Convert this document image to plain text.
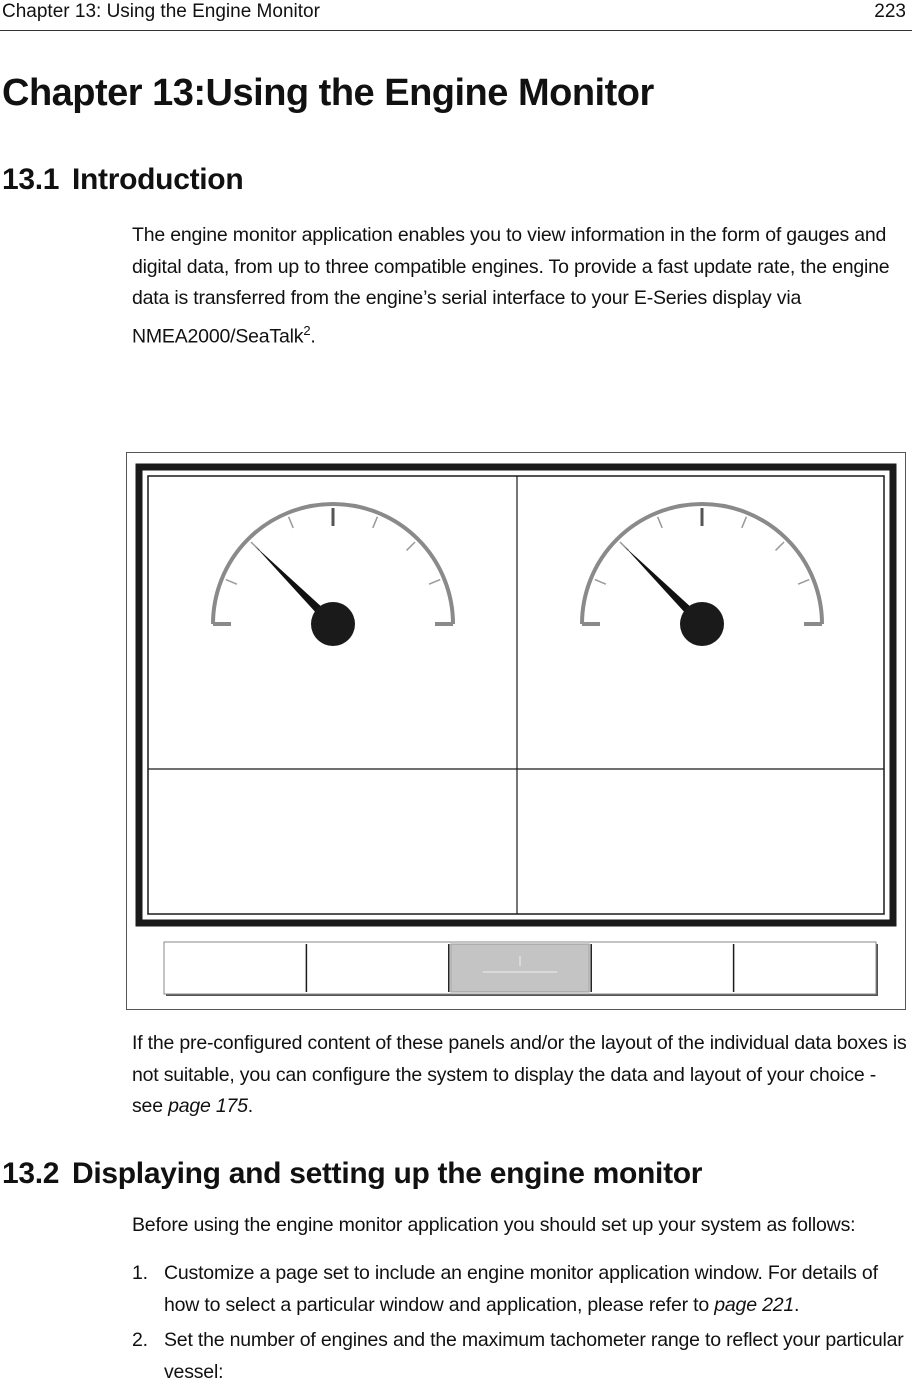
Chapter 13: Using the Engine Monitor	223
Chapter 13:Using the Engine Monitor
13.1 Introduction

The engine monitor application enables you to view information in the form of gauges and digital data, from up to three compatible engines. To provide a fast update rate, the engine data is transferred from the engine’s serial interface to your E-Series display via NMEA2000/SeaTalk$^2$.

If the pre-configured content of these panels and/or the layout of the individual data boxes is not suitable, you can configure the system to display the data and layout of your choice - see page 175.

13.2 Displaying and setting up the engine monitor

Before using the engine monitor application you should set up your system as follows:

1. Customize a page set to include an engine monitor application window. For details of how to select a particular window and application, please refer to page 221.
2. Set the number of engines and the maximum tachometer range to reflect your particular vessel:
